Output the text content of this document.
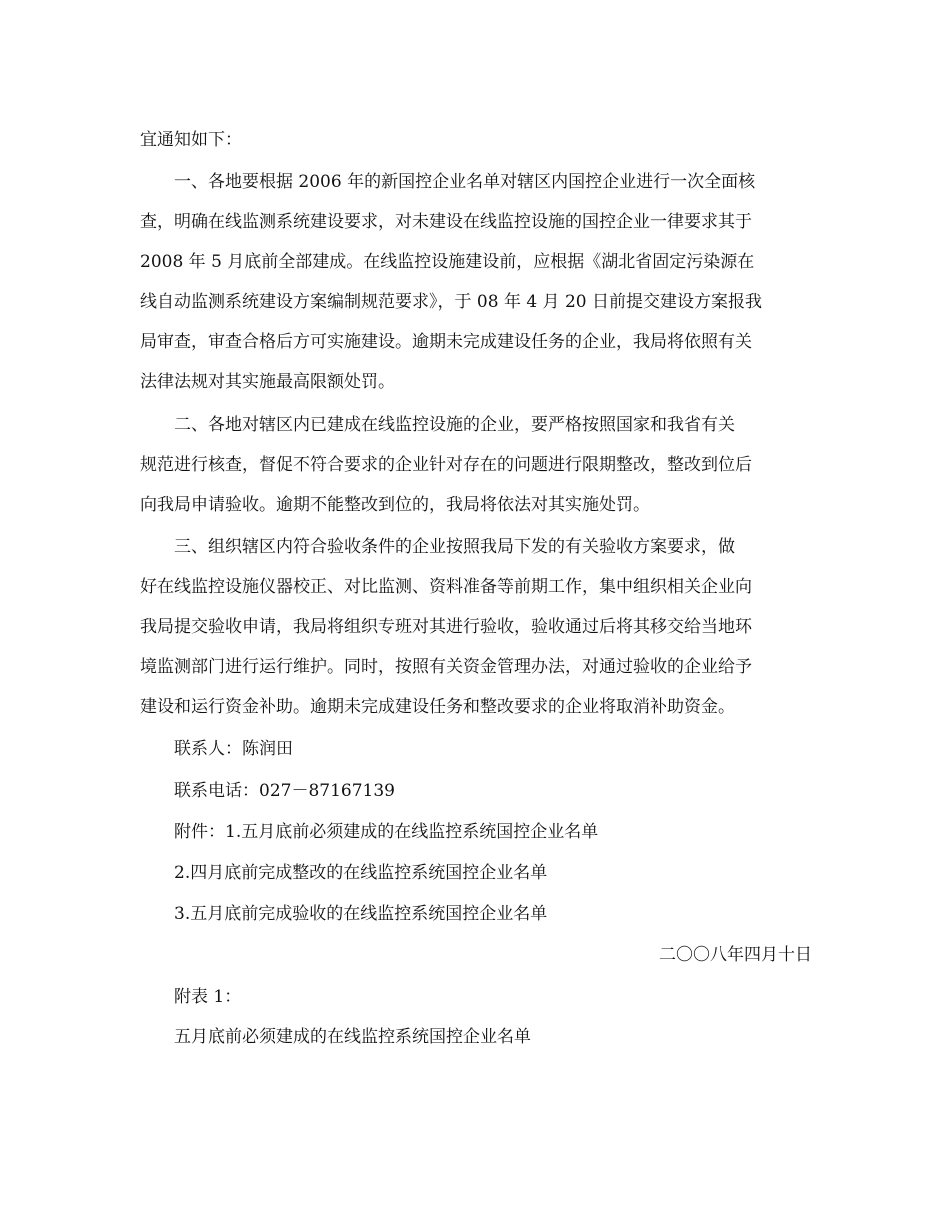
宜通知如下：
一、各地要根据 2006 年的新国控企业名单对辖区内国控企业进行一次全面核
查，明确在线监测系统建设要求，对未建设在线监控设施的国控企业一律要求其于
2008 年 5 月底前全部建成。在线监控设施建设前，应根据《湖北省固定污染源在
线自动监测系统建设方案编制规范要求》，于 08 年 4 月 20 日前提交建设方案报我
局审查，审查合格后方可实施建设。逾期未完成建设任务的企业，我局将依照有关
法律法规对其实施最高限额处罚。
二、各地对辖区内已建成在线监控设施的企业，要严格按照国家和我省有关
规范进行核查，督促不符合要求的企业针对存在的问题进行限期整改，整改到位后
向我局申请验收。逾期不能整改到位的，我局将依法对其实施处罚。
三、组织辖区内符合验收条件的企业按照我局下发的有关验收方案要求，做
好在线监控设施仪器校正、对比监测、资料准备等前期工作，集中组织相关企业向
我局提交验收申请，我局将组织专班对其进行验收，验收通过后将其移交给当地环
境监测部门进行运行维护。同时，按照有关资金管理办法，对通过验收的企业给予
建设和运行资金补助。逾期未完成建设任务和整改要求的企业将取消补助资金。
联系人：陈润田
联系电话：027－87167139
附件：1.五月底前必须建成的在线监控系统国控企业名单
2.四月底前完成整改的在线监控系统国控企业名单
3.五月底前完成验收的在线监控系统国控企业名单
二〇〇八年四月十日
附表 1：
五月底前必须建成的在线监控系统国控企业名单
